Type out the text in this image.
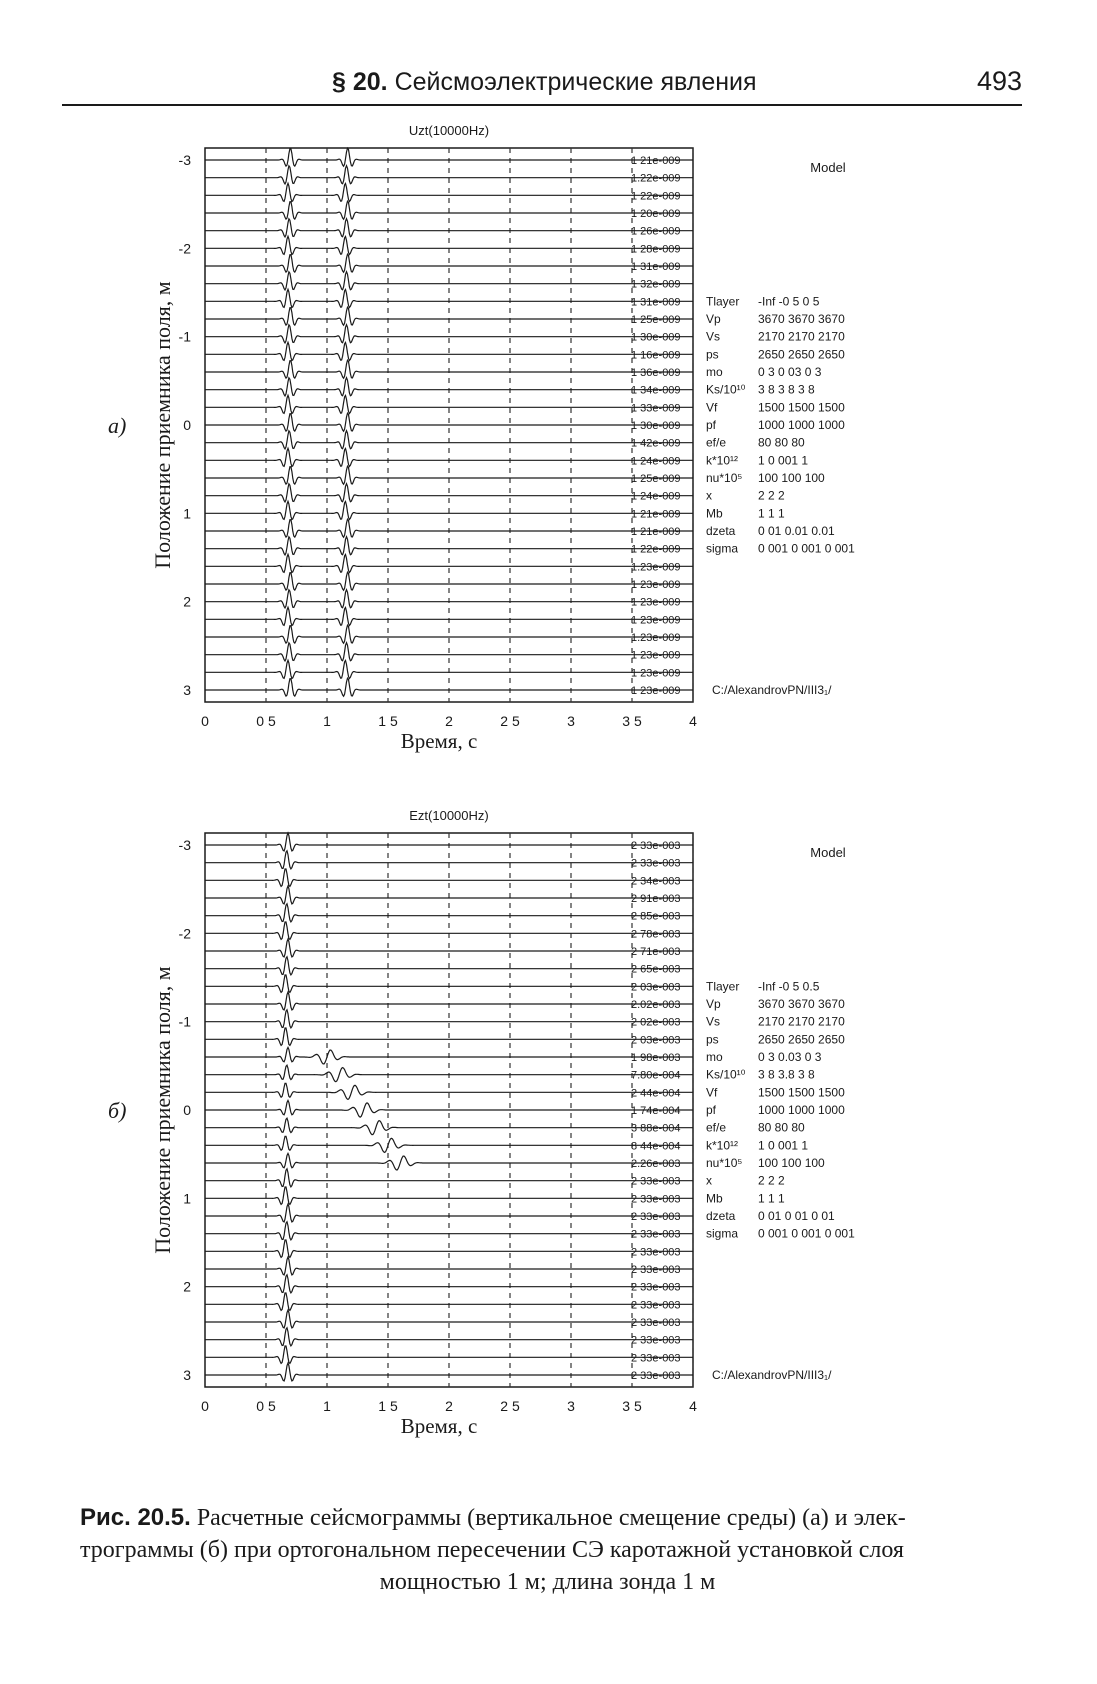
§ 20. Сейсмоэлектрические явления	493
Uzt(10000Hz)
0	0 5	1	1 5	2	2 5	3	3 5	4
-3
-2
-1
0
1
2
3
Время, с
Положение приемника поля, м
а)
1 21e-009
1.22e-009
1 22e-009
1 20e-009
1 26e-009
1 28e-009
1 31e-009
1 32e-009
1 31e-009
1 25e-009
1 30e-009
1 16e-009
1 36e-009
1 34e-009
1 33e-009
1 30e-009
1 42e-009
1 24e-009
1 25e-009
1 24e-009
1 21e-009
1 21e-009
1 22e-009
1.23e-009
1 23e-009
1 23e-009
1 23e-009
1.23e-009
1 23e-009
1 23e-009
1 23e-009
Model
Tlayer -Inf -0 5 0 5
Vp	3670 3670 3670
Vs	2170 2170 2170
ps	2650 2650 2650
mo	0 3 0 03 0 3
Ks/10¹⁰ 3 8 3 8 3 8
Vf	1500 1500 1500
pf	1000 1000 1000
ef/e	80 80 80
k*10¹² 1 0 001 1
nu*10⁵ 100 100 100
x	2 2 2
Mb	1 1 1
dzeta 0 01 0.01 0.01
sigma 0 001 0 001 0 001
C:/AlexandrovPN/III3₁/
Ezt(10000Hz)
0	0 5	1	1 5	2	2 5	3	3 5	4
-3
-2
-1
0
1
2
3
Время, с
Положение приемника поля, м
б)
2 33e-003
2 33e-003
2 34e-003
2 91e-003
2 85e-003
2 78e-003
2 71e-003
2 65e-003
2 03e-003
2.02e-003
2 02e-003
2 03e-003
1 98e-003
7.80e-004
2 44e-004
1 74e-004
3 88e-004
8 44e-004
2.26e-003
2 33e-003
2 33e-003
2 33e-003
2 33e-003
2 33e-003
2 33e-003
2 33e-003
2 33e-003
2 33e-003
2 33e-003
2 33e-003
2 33e-003
Model
Tlayer -Inf -0 5 0.5
Vp	3670 3670 3670
Vs	2170 2170 2170
ps	2650 2650 2650
mo	0 3 0.03 0 3
Ks/10¹⁰ 3 8 3.8 3 8
Vf	1500 1500 1500
pf	1000 1000 1000
ef/e	80 80 80
k*10¹² 1 0 001 1
nu*10⁵ 100 100 100
x	2 2 2
Mb	1 1 1
dzeta 0 01 0 01 0 01
sigma 0 001 0 001 0 001
C:/AlexandrovPN/III3₁/
Рис. 20.5. Расчетные сейсмограммы (вертикальное смещение среды) (а) и элек-
трограммы (б) при ортогональном пересечении СЭ каротажной установкой слоя
мощностью 1 м; длина зонда 1 м
